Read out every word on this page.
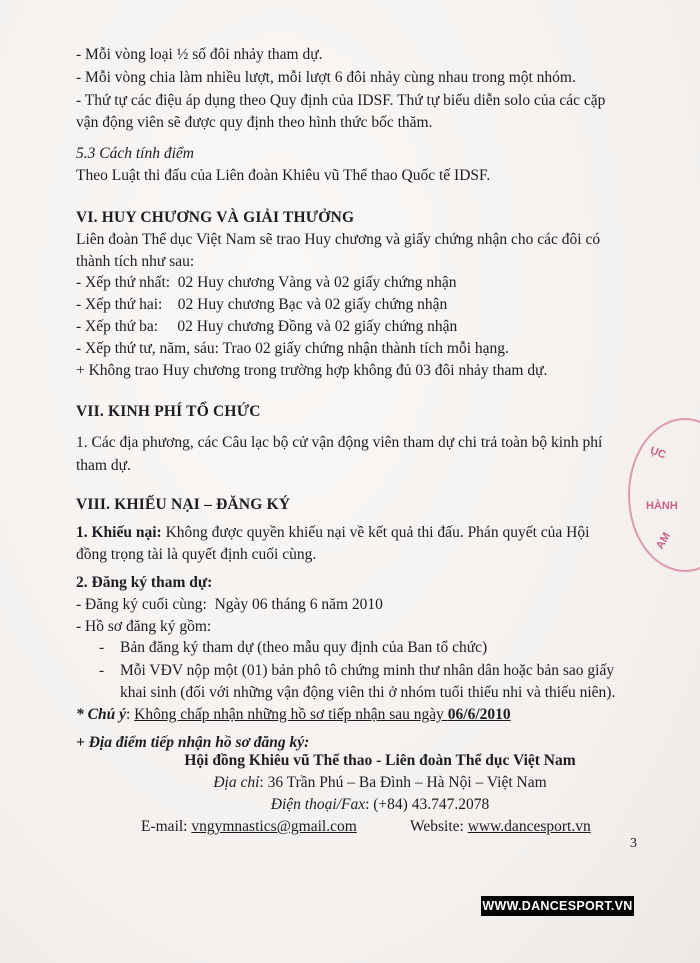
- Mỗi vòng loại ½ số đôi nhảy tham dự.
- Mỗi vòng chia làm nhiều lượt, mỗi lượt 6 đôi nhảy cùng nhau trong một nhóm.
- Thứ tự các điệu áp dụng theo Quy định của IDSF. Thứ tự biểu diễn solo của các cặp
vận động viên sẽ được quy định theo hình thức bốc thăm.
5.3 Cách tính điểm
Theo Luật thi đấu của Liên đoàn Khiêu vũ Thể thao Quốc tế IDSF.
VI. HUY CHƯƠNG VÀ GIẢI THƯỞNG
Liên đoàn Thể dục Việt Nam sẽ trao Huy chương và giấy chứng nhận cho các đôi có
thành tích như sau:
- Xếp thứ nhất:  02 Huy chương Vàng và 02 giấy chứng nhận
- Xếp thứ hai:    02 Huy chương Bạc và 02 giấy chứng nhận
- Xếp thứ ba:     02 Huy chương Đồng và 02 giấy chứng nhận
- Xếp thứ tư, năm, sáu: Trao 02 giấy chứng nhận thành tích mỗi hạng.
+ Không trao Huy chương trong trường hợp không đủ 03 đôi nhảy tham dự.
VII. KINH PHÍ TỔ CHỨC
1. Các địa phương, các Câu lạc bộ cử vận động viên tham dự chi trả toàn bộ kinh phí
tham dự.
VIII. KHIẾU NẠI – ĐĂNG KÝ
1. Khiếu nại: Không được quyền khiếu nại về kết quả thi đấu. Phán quyết của Hội
đồng trọng tài là quyết định cuối cùng.
2. Đăng ký tham dự:
- Đăng ký cuối cùng:  Ngày 06 tháng 6 năm 2010
- Hồ sơ đăng ký gồm:
- Bản đăng ký tham dự (theo mẫu quy định của Ban tổ chức)
- Mỗi VĐV nộp một (01) bản phô tô chứng minh thư nhân dân hoặc bản sao giấy
khai sinh (đối với những vận động viên thi ở nhóm tuổi thiếu nhi và thiếu niên).
* Chú ý: Không chấp nhận những hồ sơ tiếp nhận sau ngày 06/6/2010
+ Địa điểm tiếp nhận hồ sơ đăng ký:
Hội đồng Khiêu vũ Thể thao - Liên đoàn Thể dục Việt Nam
Địa chỉ: 36 Trần Phú – Ba Đình – Hà Nội – Việt Nam
Điện thoại/Fax: (+84) 43.747.2078
E-mail: vngymnastics@gmail.com	Website: www.dancesport.vn
3
ỤC
HÀNH
AM
WWW.DANCESPORT.VN
